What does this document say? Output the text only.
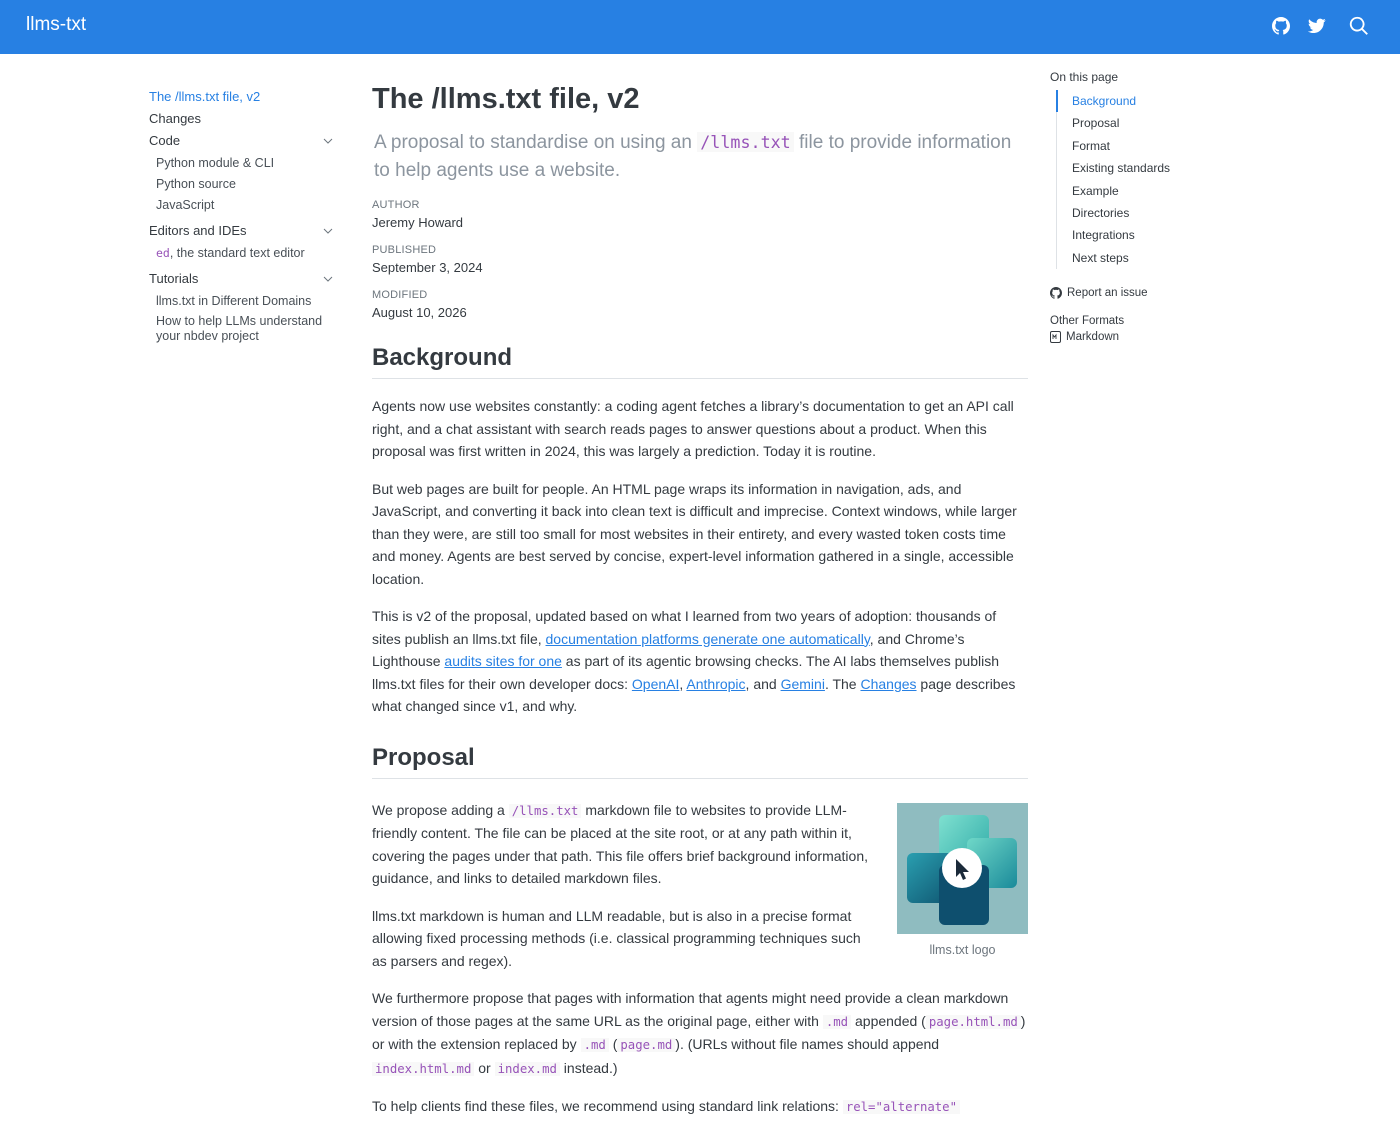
llms-txt
The /llms.txt file, v2
Changes
Code
Python module & CLI
Python source
JavaScript
Editors and IDEs
ed, the standard text editor
Tutorials
llms.txt in Different Domains
How to help LLMs understand your nbdev project
The /llms.txt file, v2
A proposal to standardise on using an /llms.txt file to provide information to help agents use a website.
AUTHOR
Jeremy Howard
PUBLISHED
September 3, 2024
MODIFIED
August 10, 2026
Background

Agents now use websites constantly: a coding agent fetches a library’s documentation to get an API call right, and a chat assistant with search reads pages to answer questions about a product. When this proposal was first written in 2024, this was largely a prediction. Today it is routine.

But web pages are built for people. An HTML page wraps its information in navigation, ads, and JavaScript, and converting it back into clean text is difficult and imprecise. Context windows, while larger than they were, are still too small for most websites in their entirety, and every wasted token costs time and money. Agents are best served by concise, expert-level information gathered in a single, accessible location.

This is v2 of the proposal, updated based on what I learned from two years of adoption: thousands of sites publish an llms.txt file, documentation platforms generate one automatically, and Chrome’s Lighthouse audits sites for one as part of its agentic browsing checks. The AI labs themselves publish llms.txt files for their own developer docs: OpenAI, Anthropic, and Gemini. The Changes page describes what changed since v1, and why.

Proposal
llms.txt logo

We propose adding a /llms.txt markdown file to websites to provide LLM-friendly content. The file can be placed at the site root, or at any path within it, covering the pages under that path. This file offers brief background information, guidance, and links to detailed markdown files.

llms.txt markdown is human and LLM readable, but is also in a precise format allowing fixed processing methods (i.e. classical programming techniques such as parsers and regex).

We furthermore propose that pages with information that agents might need provide a clean markdown version of those pages at the same URL as the original page, either with .md appended ( page.html.md ) or with the extension replaced by .md ( page.md ). (URLs without file names should append index.html.md or index.md instead.)

To help clients find these files, we recommend using standard link relations: rel="alternate"

On this page
Background
Proposal
Format
Existing standards
Example
Directories
Integrations
Next steps
Report an issue
Other Formats
Markdown
